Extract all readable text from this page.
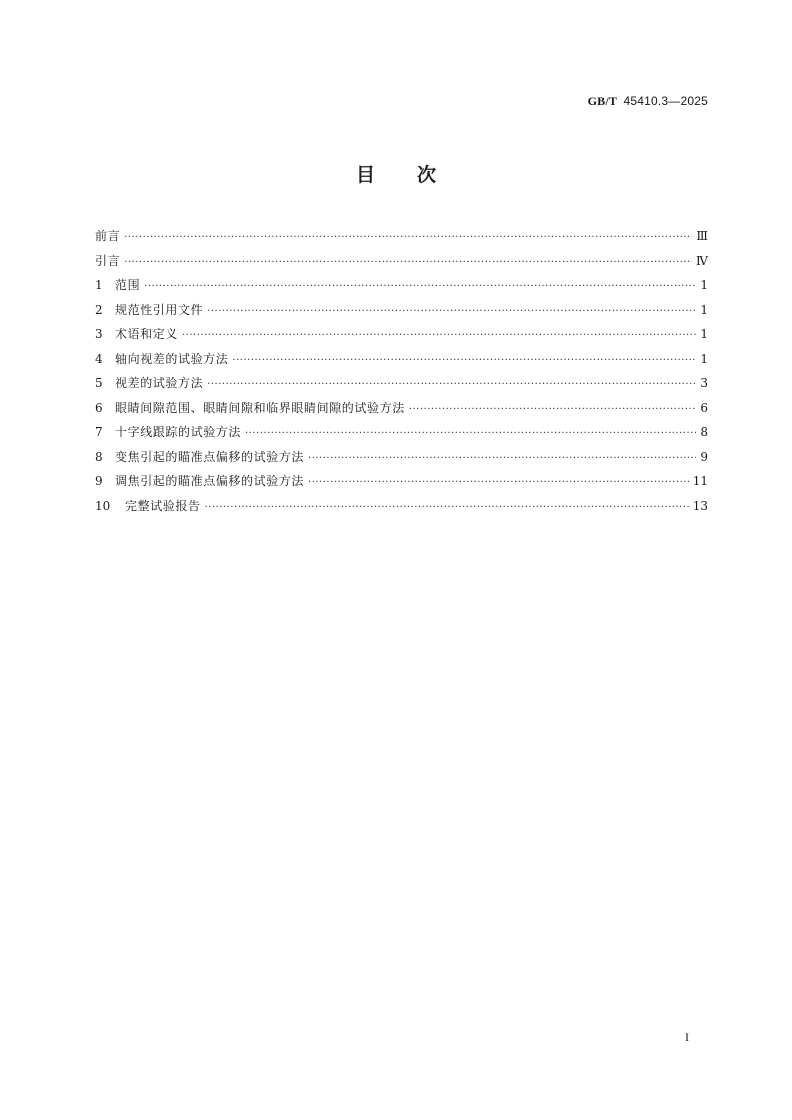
GB/T 45410.3—2025
目 次
前言 ·····	Ⅲ
引言 ·····	Ⅳ
1	范围 ·····	1
2	规范性引用文件 ·····	1
3	术语和定义 ·····	1
4	轴向视差的试验方法 ·····	1
5	视差的试验方法 ·····	3
6	眼睛间隙范围、眼睛间隙和临界眼睛间隙的试验方法 ·····	6
7	十字线跟踪的试验方法 ·····	8
8	变焦引起的瞄准点偏移的试验方法 ·····	9
9	调焦引起的瞄准点偏移的试验方法 ·····	11
10	完整试验报告 ·····	13
I
